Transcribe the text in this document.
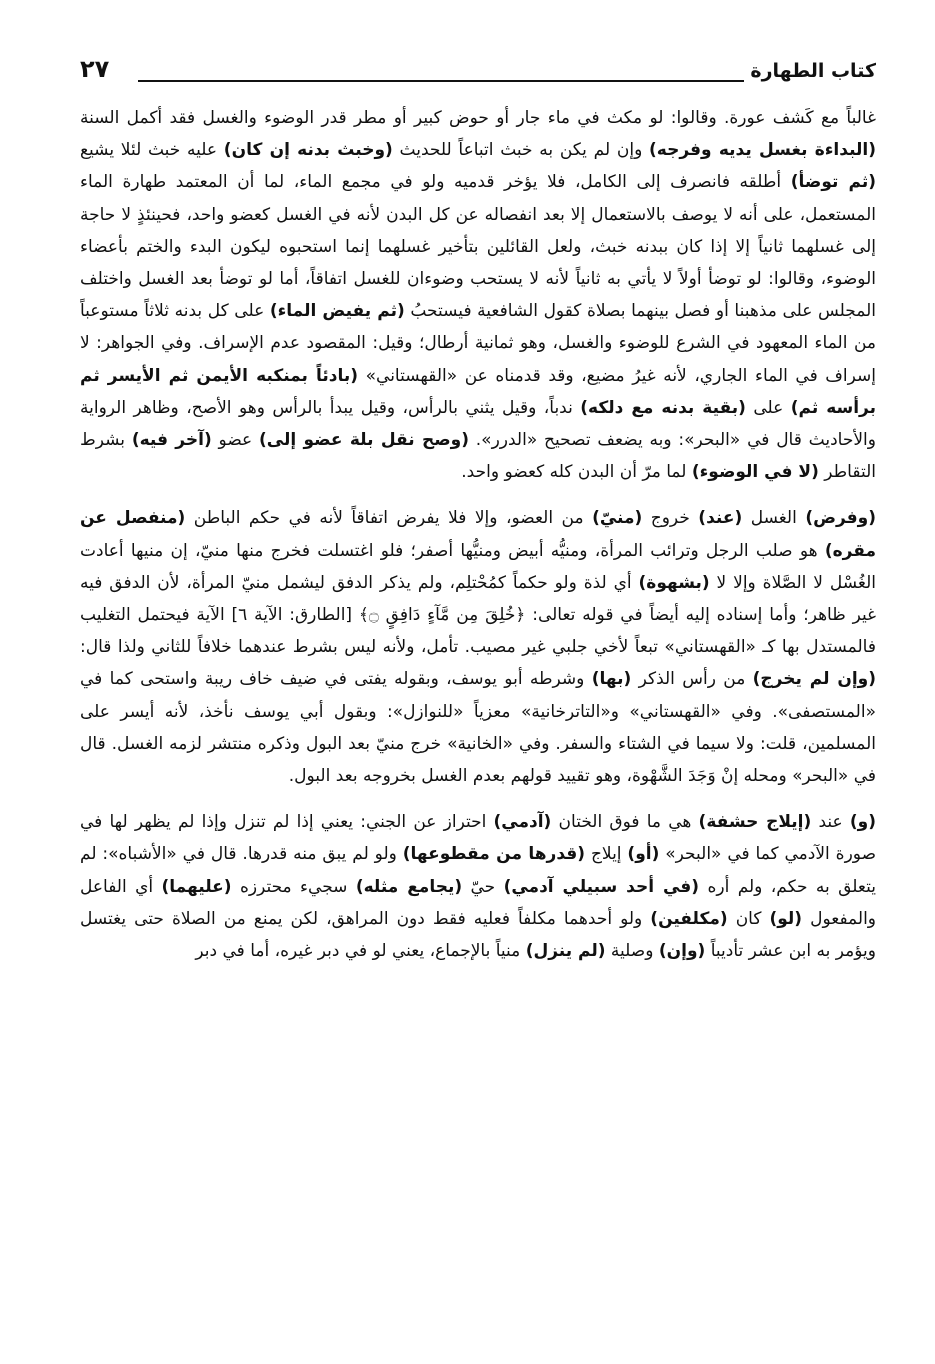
كتاب الطهارة
٢٧

غالباً مع كَشف عورة. وقالوا: لو مكث في ماء جار أو حوض كبير أو مطر قدر الوضوء والغسل فقد أكمل السنة (البداءة بغسل يديه وفرجه) وإن لم يكن به خبث اتباعاً للحديث (وخبث بدنه إن كان) عليه خبث لئلا يشيع (ثم توضأ) أطلقه فانصرف إلى الكامل، فلا يؤخر قدميه ولو في مجمع الماء، لما أن المعتمد طهارة الماء المستعمل، على أنه لا يوصف بالاستعمال إلا بعد انفصاله عن كل البدن لأنه في الغسل كعضو واحد، فحينئذٍ لا حاجة إلى غسلهما ثانياً إلا إذا كان ببدنه خبث، ولعل القائلين بتأخير غسلهما إنما استحبوه ليكون البدء والختم بأعضاء الوضوء، وقالوا: لو توضأ أولاً لا يأتي به ثانياً لأنه لا يستحب وضوءان للغسل اتفاقاً، أما لو توضأ بعد الغسل واختلف المجلس على مذهبنا أو فصل بينهما بصلاة كقول الشافعية فيستحبُ (ثم يفيض الماء) على كل بدنه ثلاثاً مستوعباً من الماء المعهود في الشرع للوضوء والغسل، وهو ثمانية أرطال؛ وقيل: المقصود عدم الإسراف. وفي الجواهر: لا إسراف في الماء الجاري، لأنه غيرُ مضيع، وقد قدمناه عن «القهستاني» (بادئاً بمنكبه الأيمن ثم الأيسر ثم برأسه ثم) على (بقية بدنه مع دلكه) ندباً، وقيل يثني بالرأس، وقيل يبدأ بالرأس وهو الأصح، وظاهر الرواية والأحاديث قال في «البحر»: وبه يضعف تصحيح «الدرر». (وصح نقل بلة عضو إلى) عضو (آخر فيه) بشرط التقاطر (لا في الوضوء) لما مرّ أن البدن كله كعضو واحد.

(وفرض) الغسل (عند) خروج (منيّ) من العضو، وإلا فلا يفرض اتفاقاً لأنه في حكم الباطن (منفصل عن مقره) هو صلب الرجل وترائب المرأة، ومنيُّه أبيض ومنيُّها أصفر؛ فلو اغتسلت فخرج منها منيّ، إن منيها أعادت الغُسْل لا الصَّلاة وإلا لا (بشهوة) أي لذة ولو حكماً كمُحْتلِم، ولم يذكر الدفق ليشمل منيّ المرأة، لأن الدفق فيه غير ظاهر؛ وأما إسناده إليه أيضاً في قوله تعالى: ﴿خُلِقَ مِن مَّآءٍ دَافِقٍ ۝﴾ [الطارق: الآية ٦] الآية فيحتمل التغليب فالمستدل بها كـ «القهستاني» تبعاً لأخي جلبي غير مصيب. تأمل، ولأنه ليس بشرط عندهما خلافاً للثاني ولذا قال: (وإن لم يخرج) من رأس الذكر (بها) وشرطه أبو يوسف، وبقوله يفتى في ضيف خاف ريبة واستحى كما في «المستصفى». وفي «القهستاني» و«التاترخانية» معزياً «للنوازل»: وبقول أبي يوسف نأخذ، لأنه أيسر على المسلمين، قلت: ولا سيما في الشتاء والسفر. وفي «الخانية» خرج منيّ بعد البول وذكره منتشر لزمه الغسل. قال في «البحر» ومحله إنْ وَجَدَ الشَّهْوة، وهو تقييد قولهم بعدم الغسل بخروجه بعد البول.

(و) عند (إيلاج حشفة) هي ما فوق الختان (آدمي) احتراز عن الجني: يعني إذا لم تنزل وإذا لم يظهر لها في صورة الآدمي كما في «البحر» (أو) إيلاج (قدرها من مقطوعها) ولو لم يبق منه قدرها. قال في «الأشباه»: لم يتعلق به حكم، ولم أره (في أحد سبيلي آدمي) حيّ (يجامع مثله) سجيء محترزه (عليهما) أي الفاعل والمفعول (لو) كان (مكلفين) ولو أحدهما مكلفاً فعليه فقط دون المراهق، لكن يمنع من الصلاة حتى يغتسل ويؤمر به ابن عشر تأديباً (وإن) وصلية (لم ينزل) منياً بالإجماع، يعني لو في دبر غيره، أما في دبر
